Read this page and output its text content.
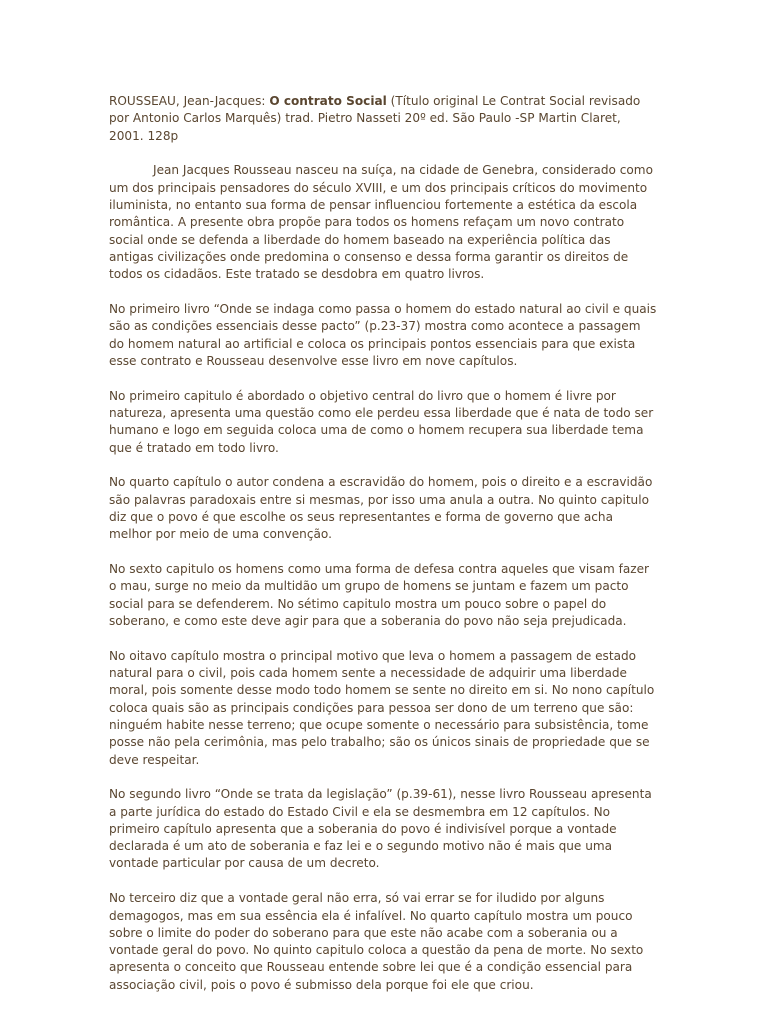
ROUSSEAU, Jean-Jacques: O contrato Social (Título original Le Contrat Social revisado por Antonio Carlos Marquês) trad. Pietro Nasseti 20º ed. São Paulo -SP Martin Claret, 2001. 128p

Jean Jacques Rousseau nasceu na suíça, na cidade de Genebra, considerado como um dos principais pensadores do século XVIII, e um dos principais críticos do movimento iluminista, no entanto sua forma de pensar influenciou fortemente a estética da escola romântica. A presente obra propõe para todos os homens refaçam um novo contrato social onde se defenda a liberdade do homem baseado na experiência política das antigas civilizações onde predomina o consenso e dessa forma garantir os direitos de todos os cidadãos. Este tratado se desdobra em quatro livros.

No primeiro livro “Onde se indaga como passa o homem do estado natural ao civil e quais são as condições essenciais desse pacto” (p.23-37) mostra como acontece a passagem do homem natural ao artificial e coloca os principais pontos essenciais para que exista esse contrato e Rousseau desenvolve esse livro em nove capítulos.

No primeiro capitulo é abordado o objetivo central do livro que o homem é livre por natureza, apresenta uma questão como ele perdeu essa liberdade que é nata de todo ser humano e logo em seguida coloca uma de como o homem recupera sua liberdade tema que é tratado em todo livro.

No quarto capítulo o autor condena a escravidão do homem, pois o direito e a escravidão são palavras paradoxais entre si mesmas, por isso uma anula a outra. No quinto capitulo diz que o povo é que escolhe os seus representantes e forma de governo que acha melhor por meio de uma convenção.

No sexto capitulo os homens como uma forma de defesa contra aqueles que visam fazer o mau, surge no meio da multidão um grupo de homens se juntam e fazem um pacto social para se defenderem. No sétimo capitulo mostra um pouco sobre o papel do soberano, e como este deve agir para que a soberania do povo não seja prejudicada.

No oitavo capítulo mostra o principal motivo que leva o homem a passagem de estado natural para o civil, pois cada homem sente a necessidade de adquirir uma liberdade moral, pois somente desse modo todo homem se sente no direito em si. No nono capítulo coloca quais são as principais condições para pessoa ser dono de um terreno que são: ninguém habite nesse terreno; que ocupe somente o necessário para subsistência, tome posse não pela cerimônia, mas pelo trabalho; são os únicos sinais de propriedade que se deve respeitar.

No segundo livro “Onde se trata da legislação” (p.39-61), nesse livro Rousseau apresenta a parte jurídica do estado do Estado Civil e ela se desmembra em 12 capítulos. No primeiro capítulo apresenta que a soberania do povo é indivisível porque a vontade declarada é um ato de soberania e faz lei e o segundo motivo não é mais que uma vontade particular por causa de um decreto.

No terceiro diz que a vontade geral não erra, só vai errar se for iludido por alguns demagogos, mas em sua essência ela é infalível. No quarto capítulo mostra um pouco sobre o limite do poder do soberano para que este não acabe com a soberania ou a vontade geral do povo. No quinto capitulo coloca a questão da pena de morte. No sexto apresenta o conceito que Rousseau entende sobre lei que é a condição essencial para associação civil, pois o povo é submisso dela porque foi ele que criou.
